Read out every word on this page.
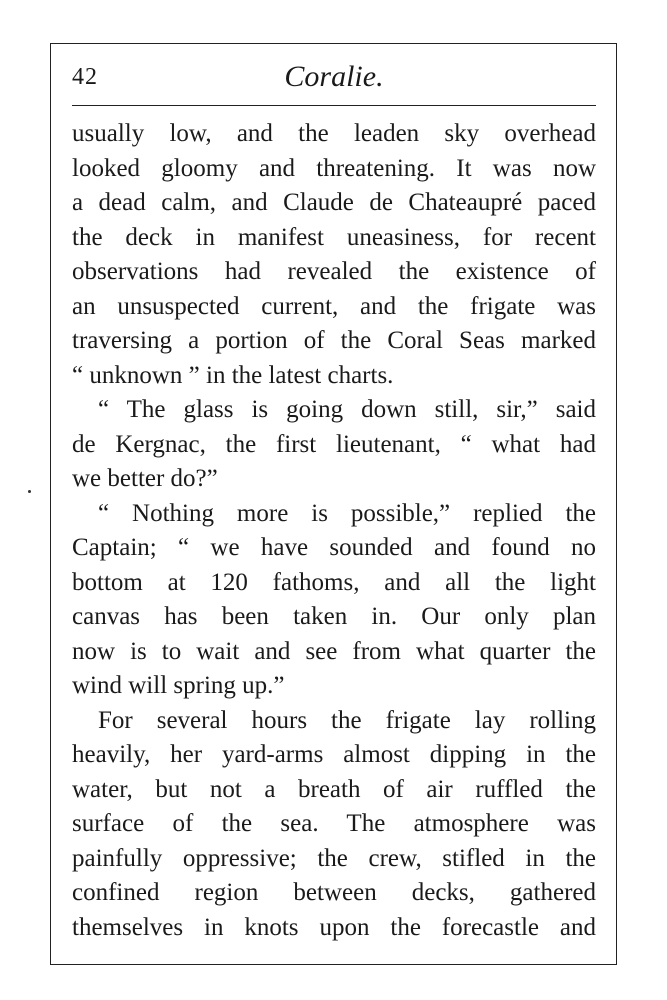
42	Coralie.
usually low, and the leaden sky overhead
looked gloomy and threatening. It was now
a dead calm, and Claude de Chateaupré paced
the deck in manifest uneasiness, for recent
observations had revealed the existence of
an unsuspected current, and the frigate was
traversing a portion of the Coral Seas marked
“ unknown ” in the latest charts.
“ The glass is going down still, sir,” said
de Kergnac, the first lieutenant, “ what had
we better do?”
“ Nothing more is possible,” replied the
Captain; “ we have sounded and found no
bottom at 120 fathoms, and all the light
canvas has been taken in. Our only plan
now is to wait and see from what quarter the
wind will spring up.”
For several hours the frigate lay rolling
heavily, her yard-arms almost dipping in the
water, but not a breath of air ruffled the
surface of the sea. The atmosphere was
painfully oppressive; the crew, stifled in the
confined region between decks, gathered
themselves in knots upon the forecastle and
